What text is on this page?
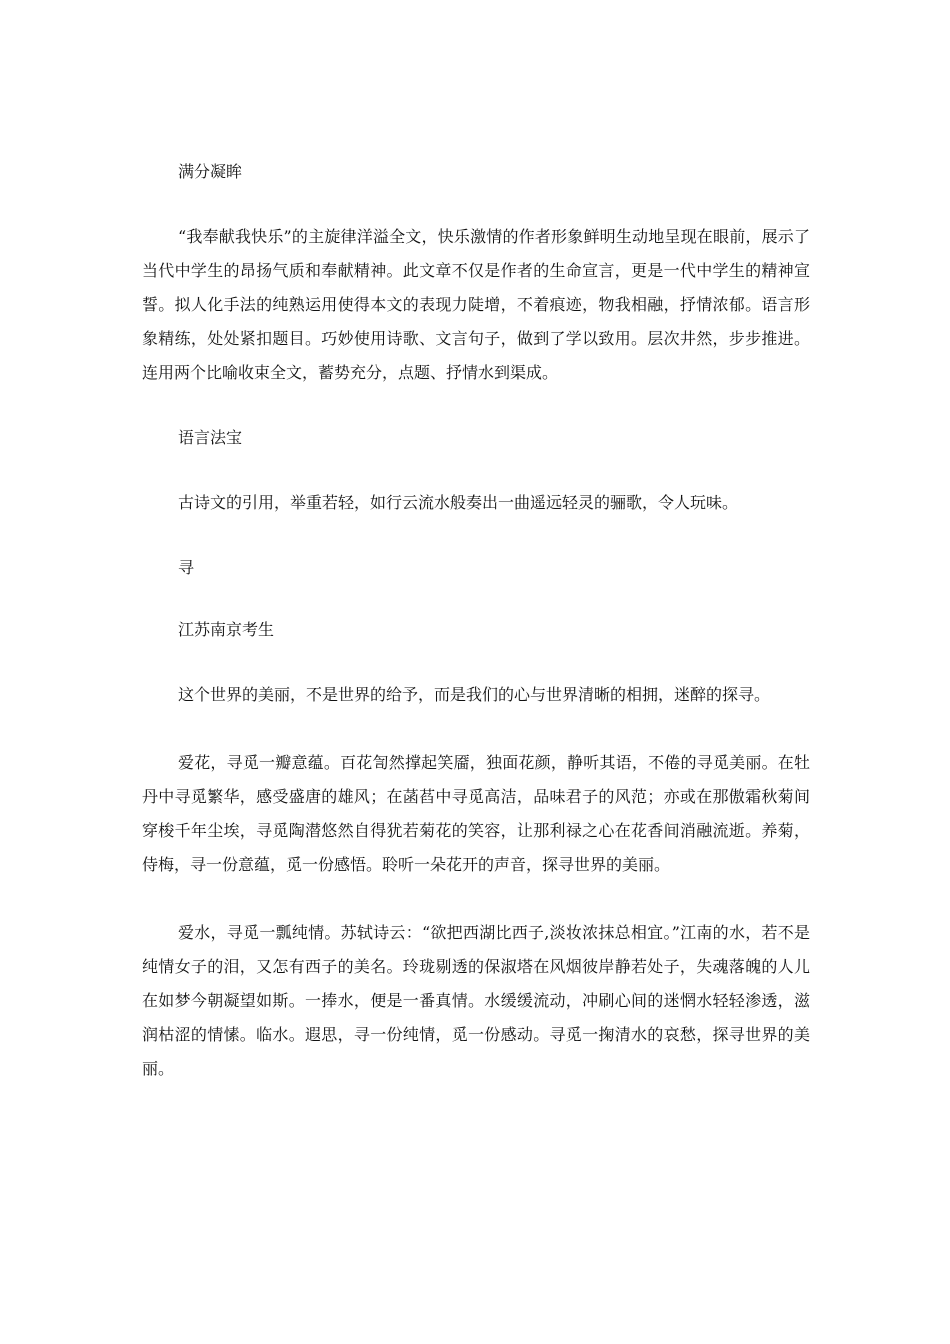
满分凝眸

“我奉献我快乐”的主旋律洋溢全文，快乐激情的作者形象鲜明生动地呈现在眼前，展示了当代中学生的昂扬气质和奉献精神。此文章不仅是作者的生命宣言，更是一代中学生的精神宣誓。拟人化手法的纯熟运用使得本文的表现力陡增，不着痕迹，物我相融，抒情浓郁。语言形象精练，处处紧扣题目。巧妙使用诗歌、文言句子，做到了学以致用。层次井然，步步推进。连用两个比喻收束全文，蓄势充分，点题、抒情水到渠成。

语言法宝

古诗文的引用，举重若轻，如行云流水般奏出一曲遥远轻灵的骊歌，令人玩味。

寻

江苏南京考生

这个世界的美丽，不是世界的给予，而是我们的心与世界清晰的相拥，迷醉的探寻。

爱花，寻觅一瓣意蕴。百花訇然撑起笑靥，独面花颜，静听其语，不倦的寻觅美丽。在牡丹中寻觅繁华，感受盛唐的雄风；在菡萏中寻觅高洁，品味君子的风范；亦或在那傲霜秋菊间穿梭千年尘埃，寻觅陶潜悠然自得犹若菊花的笑容，让那利禄之心在花香间消融流逝。养菊，侍梅，寻一份意蕴，觅一份感悟。聆听一朵花开的声音，探寻世界的美丽。

爱水，寻觅一瓢纯情。苏轼诗云：“欲把西湖比西子,淡妆浓抹总相宜。”江南的水，若不是纯情女子的泪，又怎有西子的美名。玲珑剔透的保淑塔在风烟彼岸静若处子，失魂落魄的人儿在如梦今朝凝望如斯。一捧水，便是一番真情。水缓缓流动，冲刷心间的迷惘水轻轻渗透，滋润枯涩的情愫。临水。遐思，寻一份纯情，觅一份感动。寻觅一掬清水的哀愁，探寻世界的美丽。
